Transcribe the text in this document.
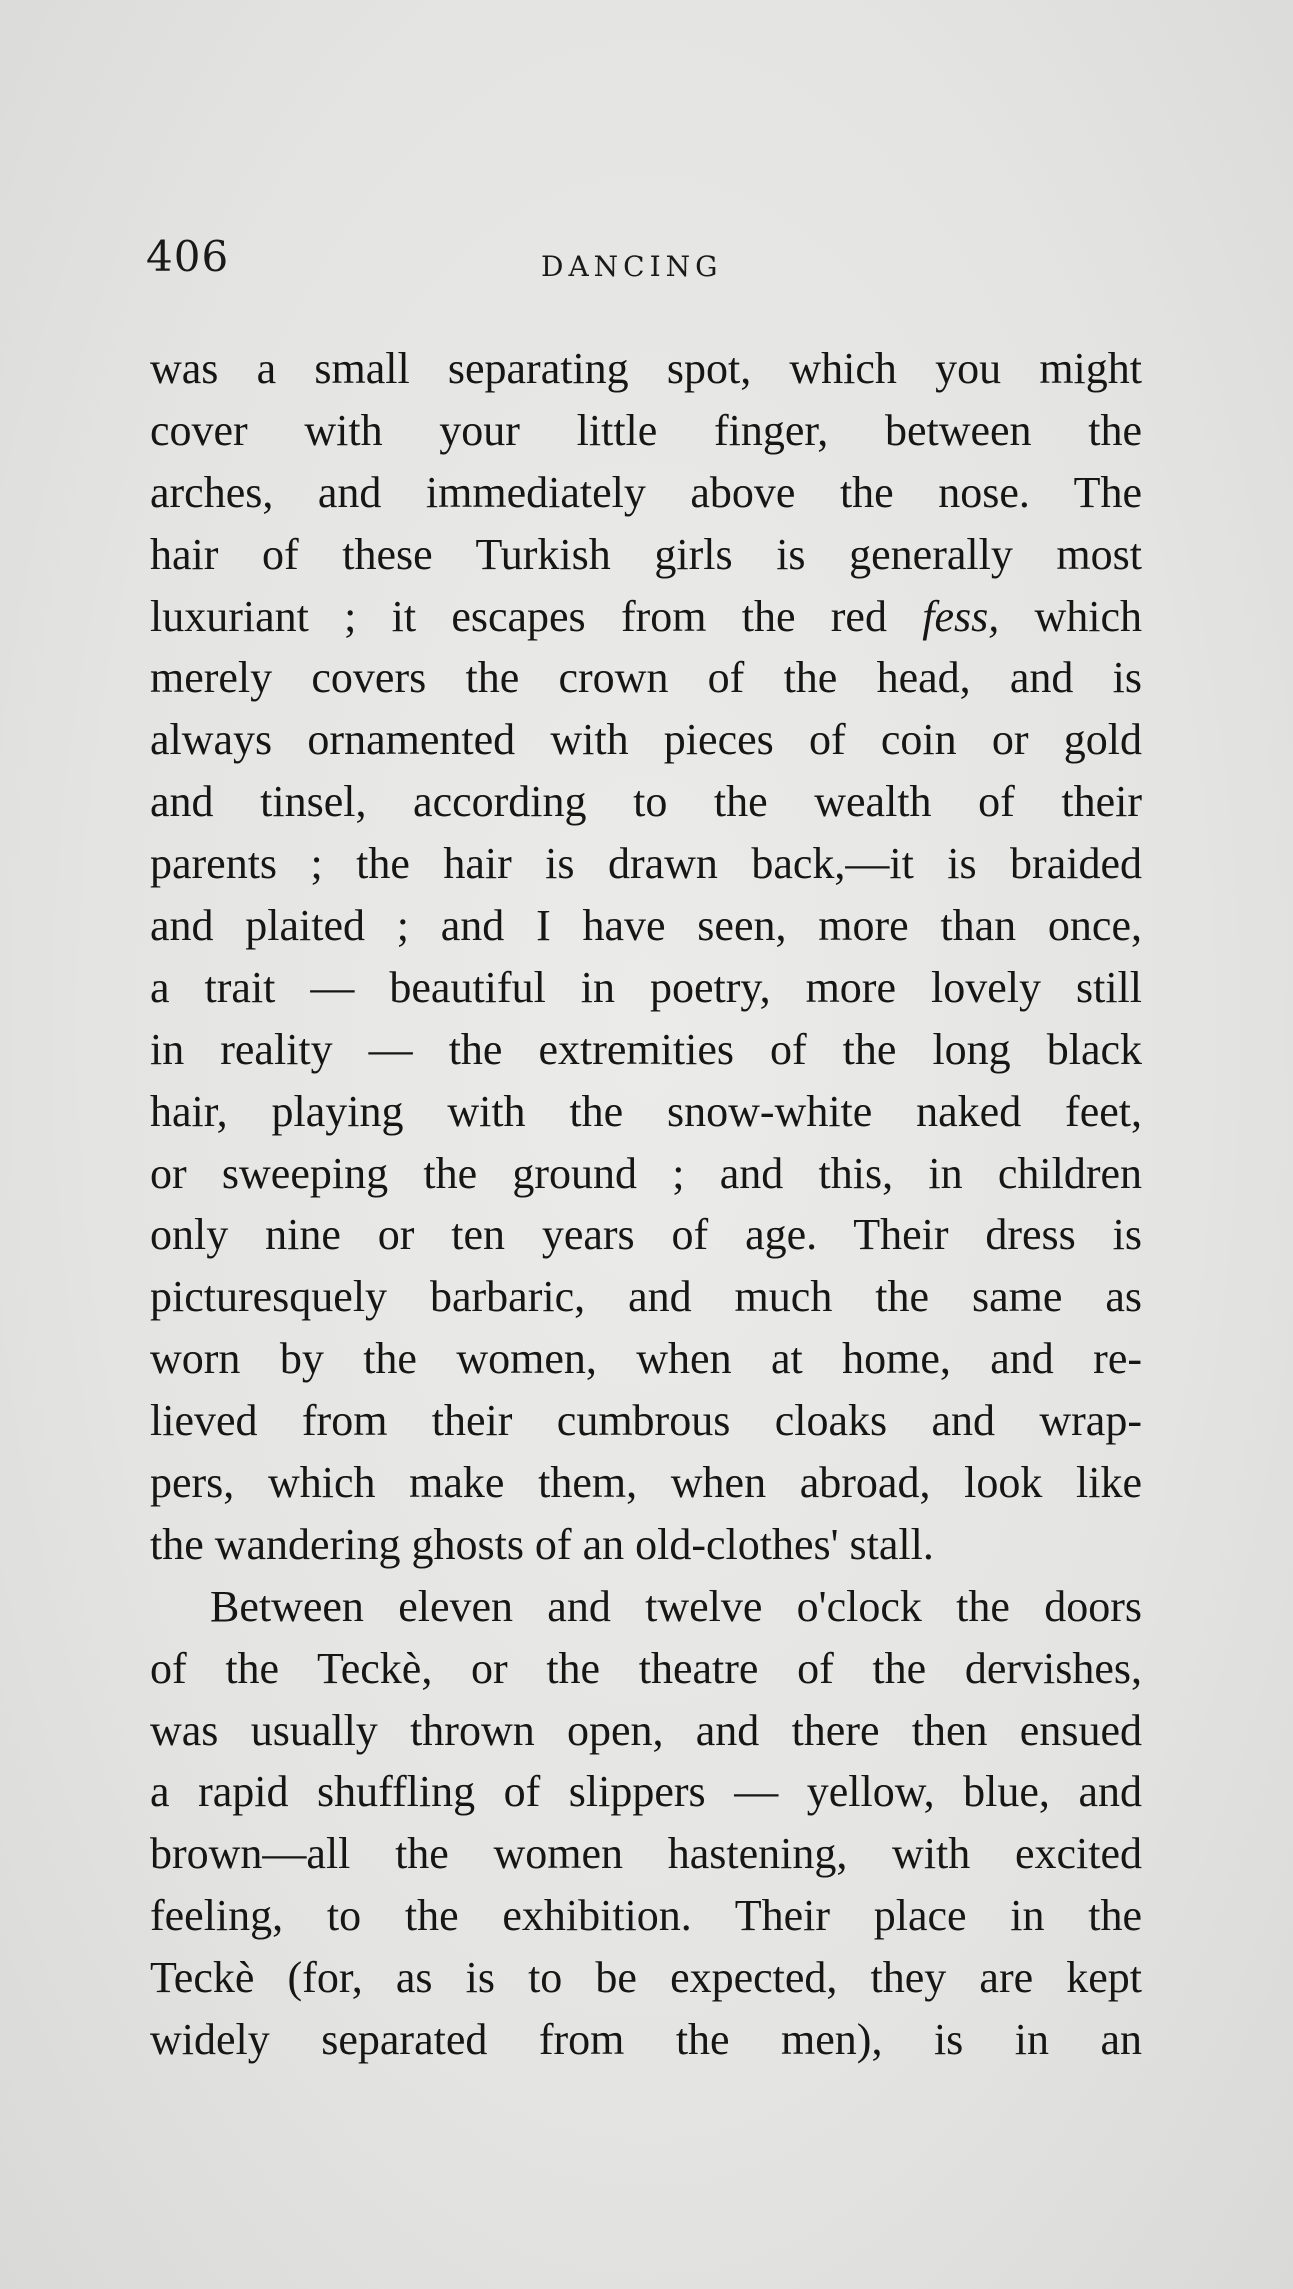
406	DANCING
was a small separating spot, which you might
cover with your little finger, between the
arches, and immediately above the nose. The
hair of these Turkish girls is generally most
luxuriant ; it escapes from the red fess, which
merely covers the crown of the head, and is
always ornamented with pieces of coin or gold
and tinsel, according to the wealth of their
parents ; the hair is drawn back,—it is braided
and plaited ; and I have seen, more than once,
a trait — beautiful in poetry, more lovely still
in reality — the extremities of the long black
hair, playing with the snow-white naked feet,
or sweeping the ground ; and this, in children
only nine or ten years of age. Their dress is
picturesquely barbaric, and much the same as
worn by the women, when at home, and re-
lieved from their cumbrous cloaks and wrap-
pers, which make them, when abroad, look like
the wandering ghosts of an old-clothes' stall.
Between eleven and twelve o'clock the doors
of the Teckè, or the theatre of the dervishes,
was usually thrown open, and there then ensued
a rapid shuffling of slippers — yellow, blue, and
brown—all the women hastening, with excited
feeling, to the exhibition. Their place in the
Teckè (for, as is to be expected, they are kept
widely separated from the men), is in an
